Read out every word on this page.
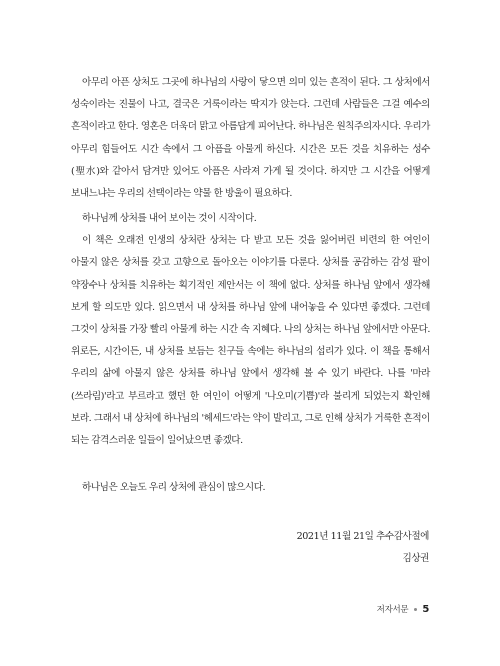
아무리 아픈 상처도 그곳에 하나님의 사랑이 닿으면 의미 있는 흔적이 된다. 그 상처에서 성숙이라는 진물이 나고, 결국은 거룩이라는 딱지가 앉는다. 그런데 사람들은 그걸 예수의 흔적이라고 한다. 영혼은 더욱더 맑고 아름답게 피어난다. 하나님은 원칙주의자시다. 우리가 아무리 힘들어도 시간 속에서 그 아픔을 아물게 하신다. 시간은 모든 것을 치유하는 성수(聖水)와 같아서 담겨만 있어도 아픔은 사라져 가게 될 것이다. 하지만 그 시간을 어떻게 보내느냐는 우리의 선택이라는 약물 한 방울이 필요하다.

하나님께 상처를 내어 보이는 것이 시작이다.

이 책은 오래전 인생의 상처란 상처는 다 받고 모든 것을 잃어버린 비련의 한 여인이 아물지 않은 상처를 갖고 고향으로 돌아오는 이야기를 다룬다. 상처를 공감하는 감성 팔이 약장수나 상처를 치유하는 획기적인 제안서는 이 책에 없다. 상처를 하나님 앞에서 생각해 보게 할 의도만 있다. 읽으면서 내 상처를 하나님 앞에 내어놓을 수 있다면 좋겠다. 그런데 그것이 상처를 가장 빨리 아물게 하는 시간 속 지혜다. 나의 상처는 하나님 앞에서만 아문다. 위로든, 시간이든, 내 상처를 보듬는 친구들 속에는 하나님의 섭리가 있다. 이 책을 통해서 우리의 삶에 아물지 않은 상처를 하나님 앞에서 생각해 볼 수 있기 바란다. 나를 '마라(쓰라림)'라고 부르라고 했던 한 여인이 어떻게 '나오미(기쁨)'라 불리게 되었는지 확인해 보라. 그래서 내 상처에 하나님의 '헤세드'라는 약이 발리고, 그로 인해 상처가 거룩한 흔적이 되는 감격스러운 일들이 일어났으면 좋겠다.

하나님은 오늘도 우리 상처에 관심이 많으시다.

2021년 11월 21일 추수감사절에
김상권
저자서문 5
